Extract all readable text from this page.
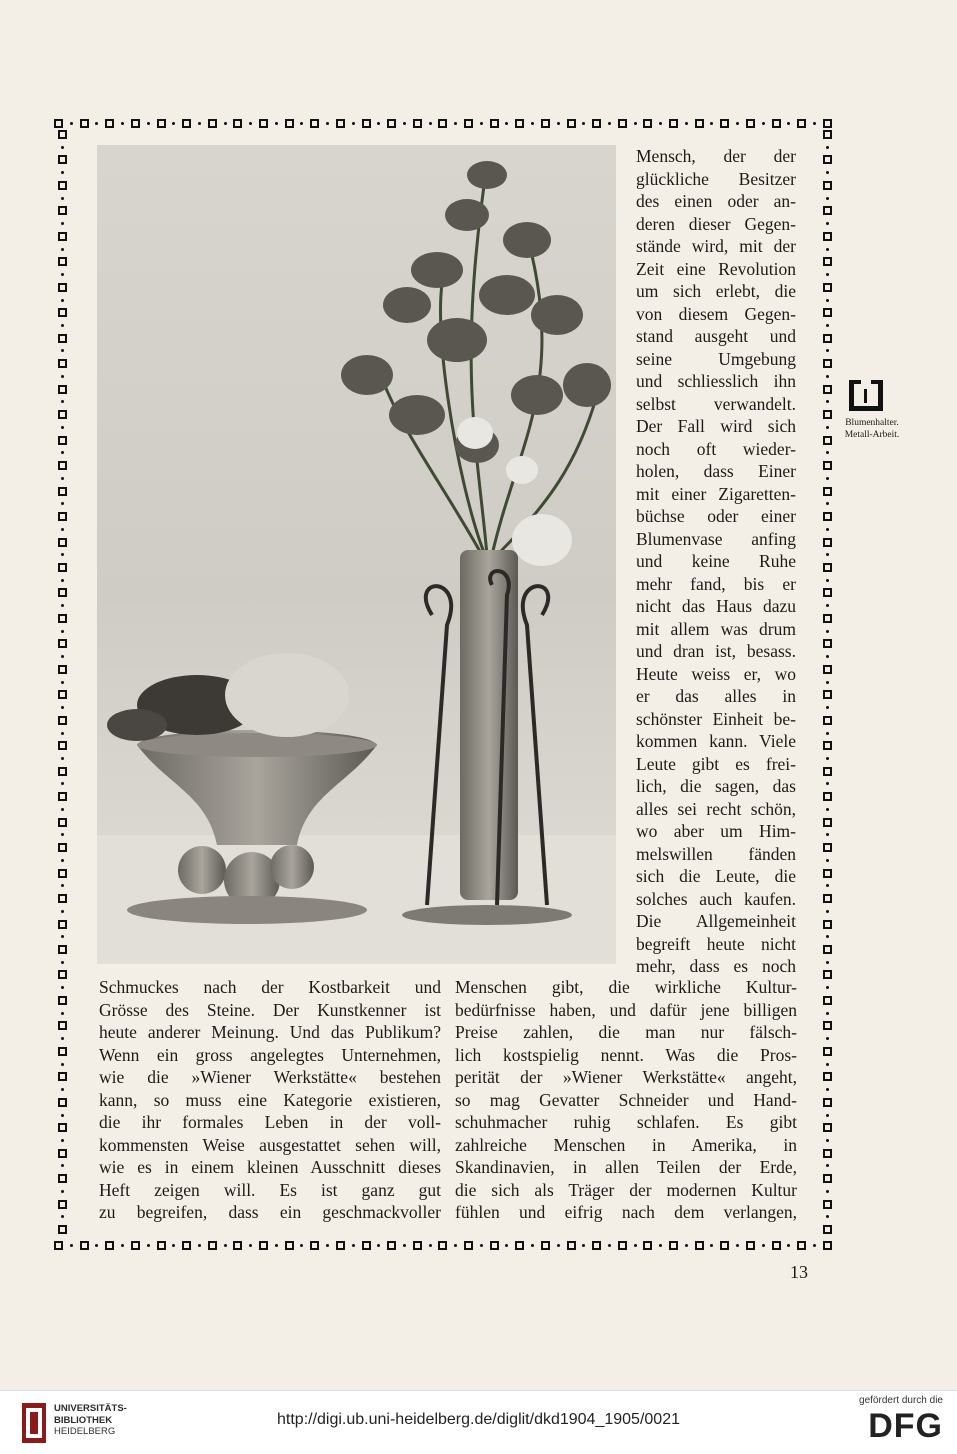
Mensch, der der
glückliche Besitzer
des einen oder an-
deren dieser Gegen-
stände wird, mit der
Zeit eine Revolution
um sich erlebt, die
von diesem Gegen-
stand ausgeht und
seine Umgebung
und schliesslich ihn
selbst verwandelt.
Der Fall wird sich
noch oft wieder-
holen, dass Einer
mit einer Zigaretten-
büchse oder einer
Blumenvase anfing
und keine Ruhe
mehr fand, bis er
nicht das Haus dazu
mit allem was drum
und dran ist, besass.
Heute weiss er, wo
er das alles in
schönster Einheit be-
kommen kann. Viele
Leute gibt es frei-
lich, die sagen, das
alles sei recht schön,
wo aber um Him-
melswillen fänden
sich die Leute, die
solches auch kaufen.
Die Allgemeinheit
begreift heute nicht
mehr, dass es noch
Blumenhalter.
Metall-Arbeit.
Schmuckes nach der Kostbarkeit und
Grösse des Steine. Der Kunstkenner ist
heute anderer Meinung. Und das Publikum?
Wenn ein gross angelegtes Unternehmen,
wie die »Wiener Werkstätte« bestehen
kann, so muss eine Kategorie existieren,
die ihr formales Leben in der voll-
kommensten Weise ausgestattet sehen will,
wie es in einem kleinen Ausschnitt dieses
Heft zeigen will. Es ist ganz gut
zu begreifen, dass ein geschmackvoller
Menschen gibt, die wirkliche Kultur-
bedürfnisse haben, und dafür jene billigen
Preise zahlen, die man nur fälsch-
lich kostspielig nennt. Was die Pros-
perität der »Wiener Werkstätte« angeht,
so mag Gevatter Schneider und Hand-
schuhmacher ruhig schlafen. Es gibt
zahlreiche Menschen in Amerika, in
Skandinavien, in allen Teilen der Erde,
die sich als Träger der modernen Kultur
fühlen und eifrig nach dem verlangen,
13
UNIVERSITÄTS-
BIBLIOTHEK
HEIDELBERG
http://digi.ub.uni-heidelberg.de/diglit/dkd1904_1905/0021
gefördert durch die
DFG
